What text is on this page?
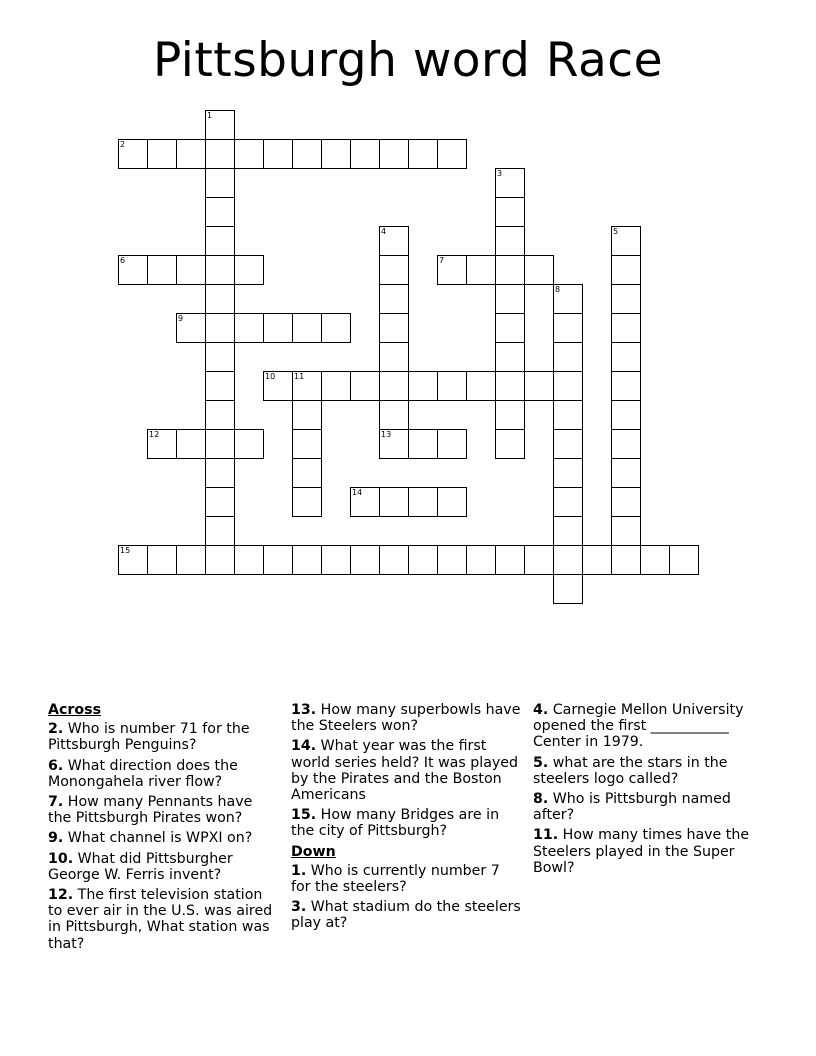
Pittsburgh word Race
1
2
3
4
13
5
6	7
8
9
10 11
12
14
15
Across
2. Who is number 71 for the Pittsburgh Penguins?
6. What direction does the Monongahela river flow?
7. How many Pennants have the Pittsburgh Pirates won?
9. What channel is WPXI on?
10. What did Pittsburgher George W. Ferris invent?
12. The first television station to ever air in the U.S. was aired in Pittsburgh, What station was that?
13. How many superbowls have the Steelers won?
14. What year was the first world series held? It was played by the Pirates and the Boston Americans
15. How many Bridges are in the city of Pittsburgh?
Down
1. Who is currently number 7 for the steelers?
3. What stadium do the steelers play at?
4. Carnegie Mellon University opened the first ___________ Center in 1979.
5. what are the stars in the steelers logo called?
8. Who is Pittsburgh named after?
11. How many times have the Steelers played in the Super Bowl?
